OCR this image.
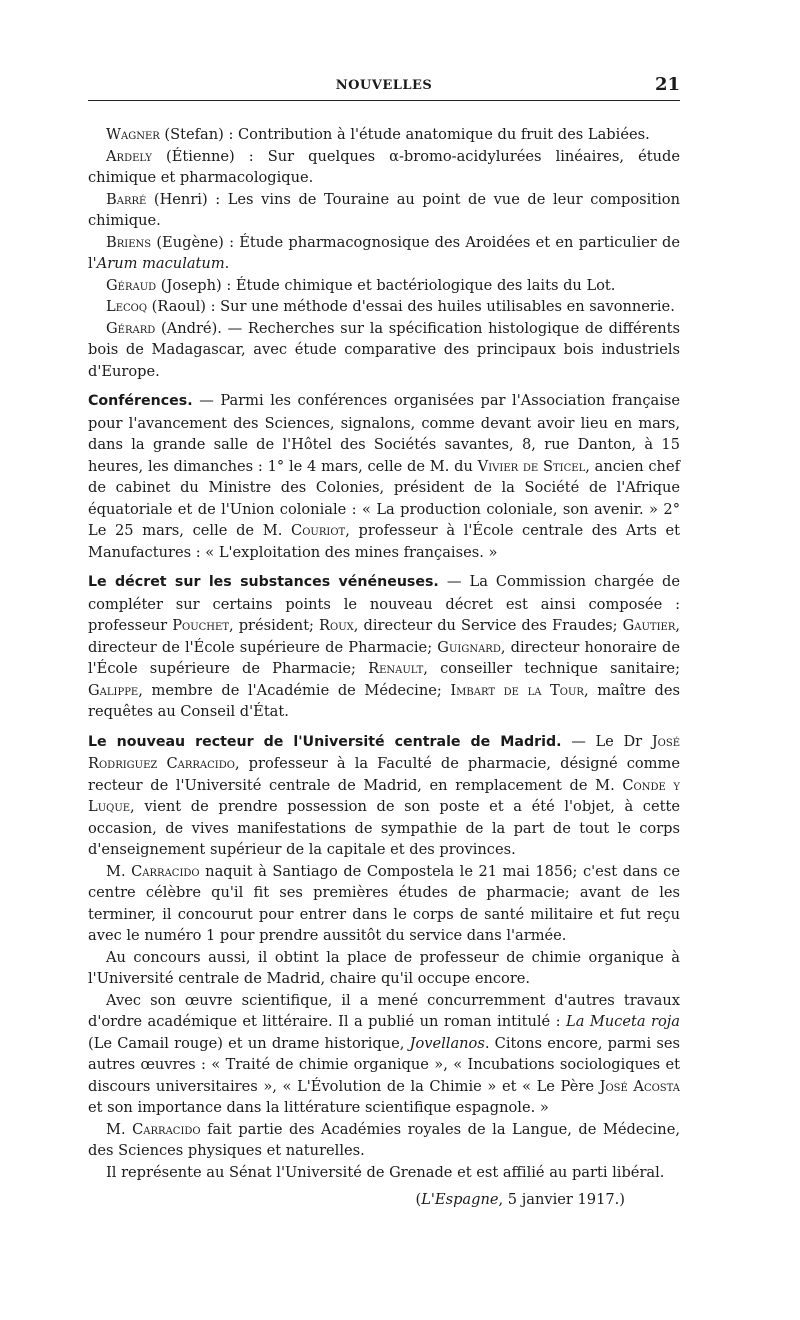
NOUVELLES	21

Wagner (Stefan) : Contribution à l'étude anatomique du fruit des Labiées.

Ardely (Étienne) : Sur quelques α-bromo-acidylurées linéaires, étude chimique et pharmacologique.

Barré (Henri) : Les vins de Touraine au point de vue de leur composition chimique.

Briens (Eugène) : Étude pharmacognosique des Aroidées et en particulier de l'Arum maculatum.

Géraud (Joseph) : Étude chimique et bactériologique des laits du Lot.

Lecoq (Raoul) : Sur une méthode d'essai des huiles utilisables en savonnerie.

Gérard (André). — Recherches sur la spécification histologique de différents bois de Madagascar, avec étude comparative des principaux bois industriels d'Europe.

Conférences. — Parmi les conférences organisées par l'Association française pour l'avancement des Sciences, signalons, comme devant avoir lieu en mars, dans la grande salle de l'Hôtel des Sociétés savantes, 8, rue Danton, à 15 heures, les dimanches : 1° le 4 mars, celle de M. du Vivier de Sticel, ancien chef de cabinet du Ministre des Colonies, président de la Société de l'Afrique équatoriale et de l'Union coloniale : « La production coloniale, son avenir. » 2° Le 25 mars, celle de M. Couriot, professeur à l'École centrale des Arts et Manufactures : « L'exploitation des mines françaises. »

Le décret sur les substances vénéneuses. — La Commission chargée de compléter sur certains points le nouveau décret est ainsi composée : professeur Pouchet, président; Roux, directeur du Service des Fraudes; Gautier, directeur de l'École supérieure de Pharmacie; Guignard, directeur honoraire de l'École supérieure de Pharmacie; Renault, conseiller technique sanitaire; Galippe, membre de l'Académie de Médecine; Imbart de la Tour, maître des requêtes au Conseil d'État.

Le nouveau recteur de l'Université centrale de Madrid. — Le Dr José Rodriguez Carracido, professeur à la Faculté de pharmacie, désigné comme recteur de l'Université centrale de Madrid, en remplacement de M. Conde y Luque, vient de prendre possession de son poste et a été l'objet, à cette occasion, de vives manifestations de sympathie de la part de tout le corps d'enseignement supérieur de la capitale et des provinces.

M. Carracido naquit à Santiago de Compostela le 21 mai 1856; c'est dans ce centre célèbre qu'il fit ses premières études de pharmacie; avant de les terminer, il concourut pour entrer dans le corps de santé militaire et fut reçu avec le numéro 1 pour prendre aussitôt du service dans l'armée.

Au concours aussi, il obtint la place de professeur de chimie organique à l'Université centrale de Madrid, chaire qu'il occupe encore.

Avec son œuvre scientifique, il a mené concurremment d'autres travaux d'ordre académique et littéraire. Il a publié un roman intitulé : La Muceta roja (Le Camail rouge) et un drame historique, Jovellanos. Citons encore, parmi ses autres œuvres : « Traité de chimie organique », « Incubations sociologiques et discours universitaires », « L'Évolution de la Chimie » et « Le Père José Acosta et son importance dans la littérature scientifique espagnole. »

M. Carracido fait partie des Académies royales de la Langue, de Médecine, des Sciences physiques et naturelles.

Il représente au Sénat l'Université de Grenade et est affilié au parti libéral.

(L'Espagne, 5 janvier 1917.)
